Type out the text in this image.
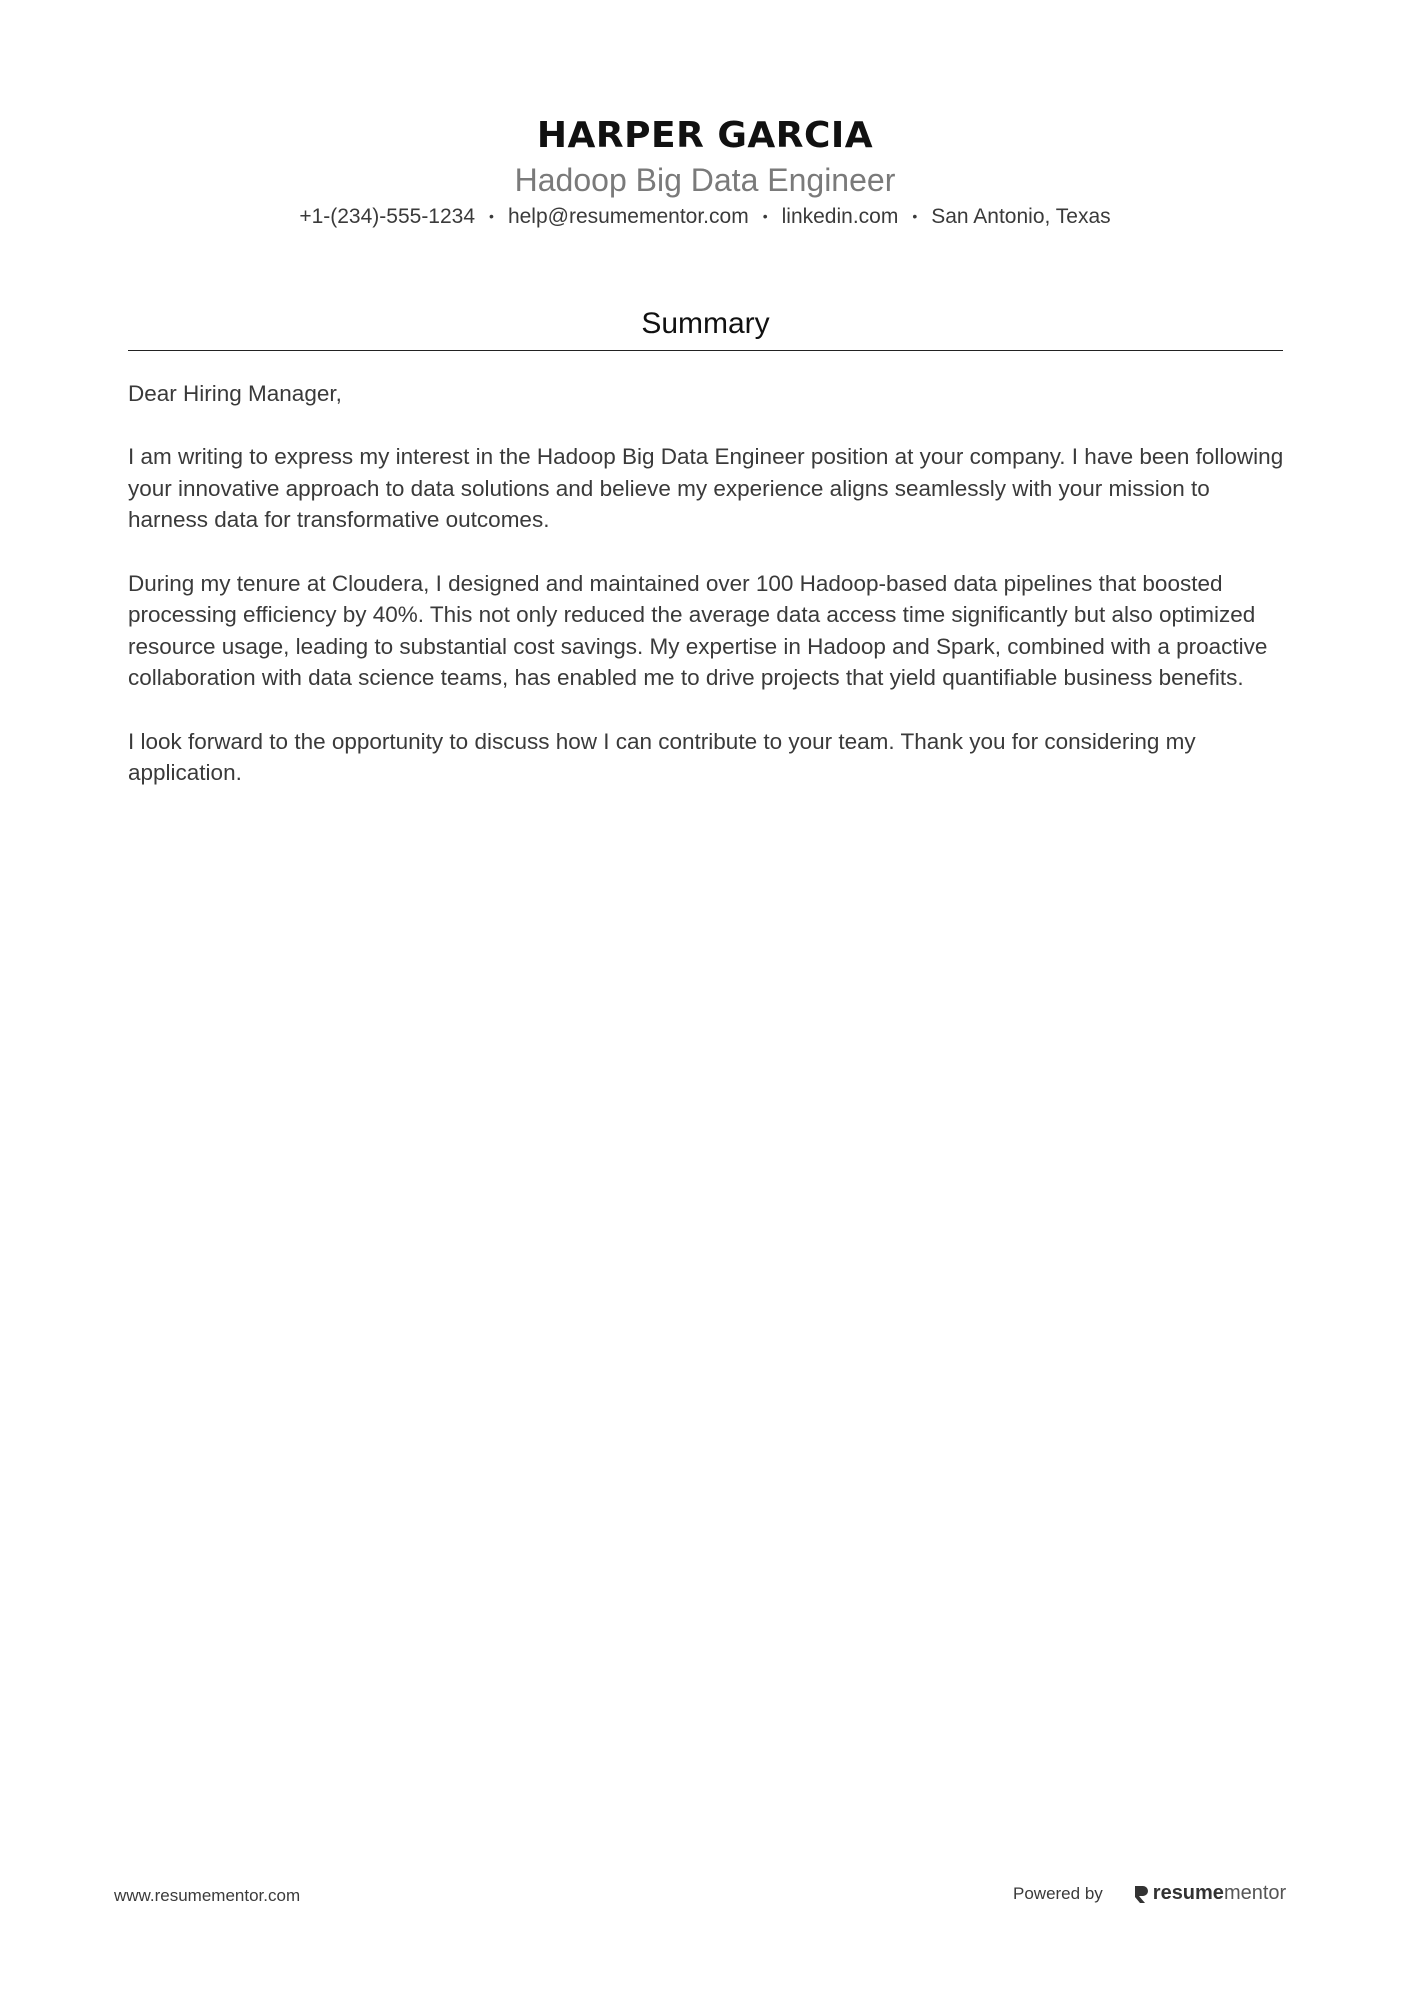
HARPER GARCIA
Hadoop Big Data Engineer
+1-(234)-555-1234 • help@resumementor.com • linkedin.com • San Antonio, Texas
Summary

Dear Hiring Manager,

I am writing to express my interest in the Hadoop Big Data Engineer position at your company. I have been following your innovative approach to data solutions and believe my experience aligns seamlessly with your mission to harness data for transformative outcomes.

During my tenure at Cloudera, I designed and maintained over 100 Hadoop-based data pipelines that boosted processing efficiency by 40%. This not only reduced the average data access time significantly but also optimized resource usage, leading to substantial cost savings. My expertise in Hadoop and Spark, combined with a proactive collaboration with data science teams, has enabled me to drive projects that yield quantifiable business benefits.

I look forward to the opportunity to discuss how I can contribute to your team. Thank you for considering my application.

www.resumementor.com	Powered by	resume mentor
